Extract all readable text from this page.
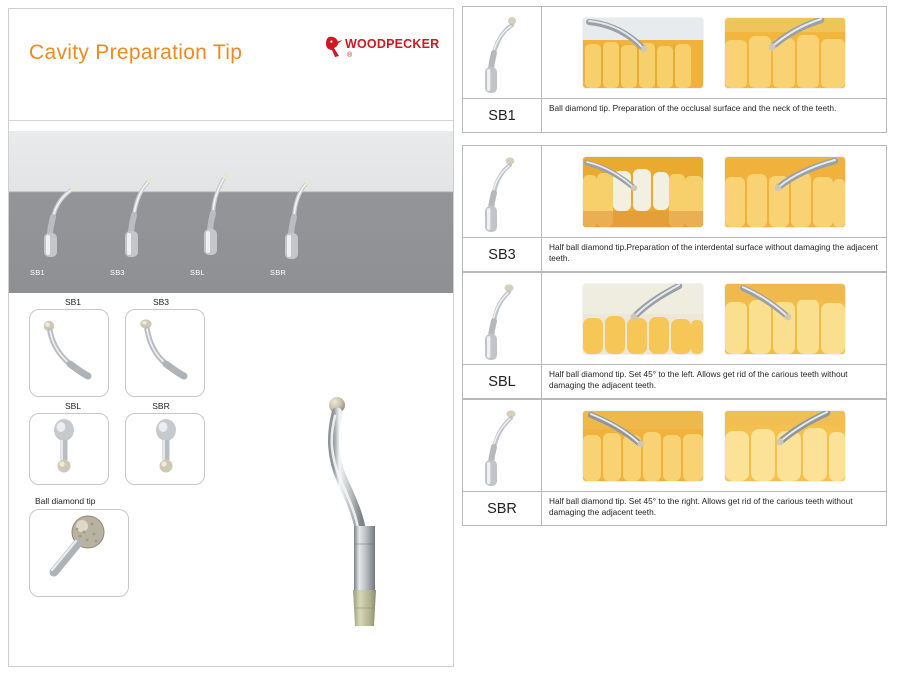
Cavity Preparation Tip	WOODPECKER
®
SB1	SB3	SBL	SBR
SB1	SB3
SBL	SBR
Ball diamond tip
SB1	Ball diamond tip. Preparation of the occlusal surface and the neck of the teeth.
SB3	Half ball diamond tip.Preparation of the interdental surface without damaging the adjacent teeth.
SBL	Half ball diamond tip. Set 45° to the left. Allows get rid of the carious teeth without damaging the adjacent teeth.
SBR	Half ball diamond tip. Set 45° to the right. Allows get rid of the carious teeth without damaging the adjacent teeth.
